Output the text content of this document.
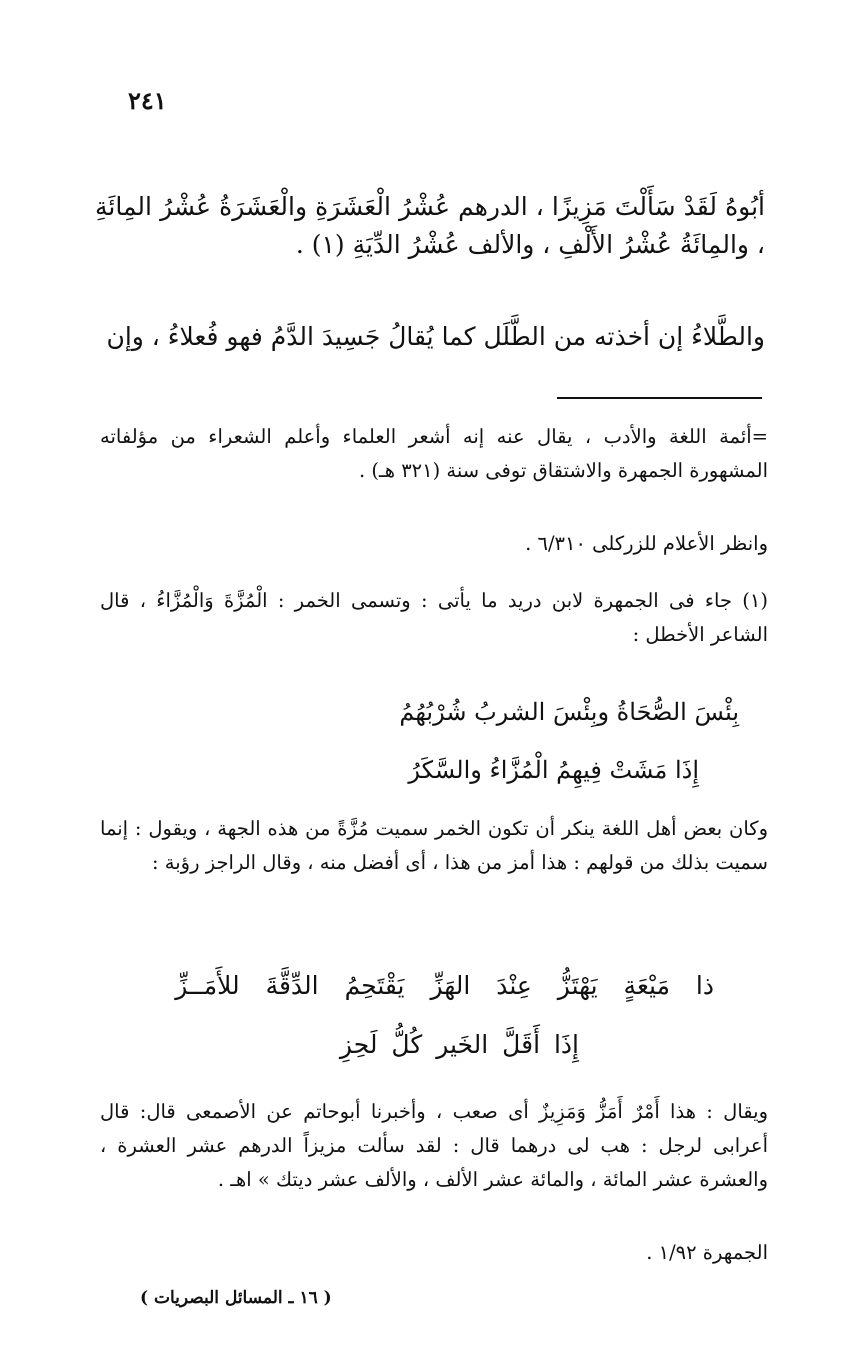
٢٤١

أبُوهُ لَقَدْ سَأَلْتَ مَزِيزًا ، الدرهم عُشْرُ الْعَشَرَةِ والْعَشَرَةُ عُشْرُ المِائَةِ ، والمِائَةُ عُشْرُ الأَلْفِ ، والألف عُشْرُ الدِّيَةِ (١) .

والطَّلاءُ إن أخذته من الطَّلَل كما يُقالُ جَسِيدَ الدَّمُ فهو فُعلاءُ ، وإن

=أئمة اللغة والأدب ، يقال عنه إنه أشعر العلماء وأعلم الشعراء من مؤلفاته المشهورة الجمهرة والاشتقاق توفى سنة (٣٢١ هـ) .

وانظر الأعلام للزركلى ٦/٣١٠ .

(١) جاء فى الجمهرة لابن دريد ما يأتى : وتسمى الخمر : الْمُزَّةَ وَالْمُزَّاءُ ، قال الشاعر الأخطل :

بِئْسَ الصُّحَاةُ وبِئْسَ الشربُ شُرْبُهُمُ
إِذَا مَشَتْ فِيهِمُ الْمُزَّاءُ والسَّكَرُ

وكان بعض أهل اللغة ينكر أن تكون الخمر سميت مُزَّةً من هذه الجهة ، ويقول : إنما سميت بذلك من قولهم : هذا أمز من هذا ، أى أفضل منه ، وقال الراجز رؤبة :

ذا مَيْعَةٍ يَهْتَزُّ عِنْدَ الهَزِّ يَقْتَحِمُ الدِّقَّةَ للأَمَــزِّ
إِذَا أَقَلَّ الخَير كُلُّ لَحِزِ

ويقال : هذا أَمْرٌ أَمَزُّ وَمَزِيزٌ أى صعب ، وأخبرنا أبوحاتم عن الأصمعى قال: قال أعرابى لرجل : هب لى درهما قال : لقد سألت مزيزاً الدرهم عشر العشرة ، والعشرة عشر المائة ، والمائة عشر الألف ، والألف عشر ديتك » اهـ .

الجمهرة ١/٩٢ .

( ١٦ ـ المسائل البصريات )
